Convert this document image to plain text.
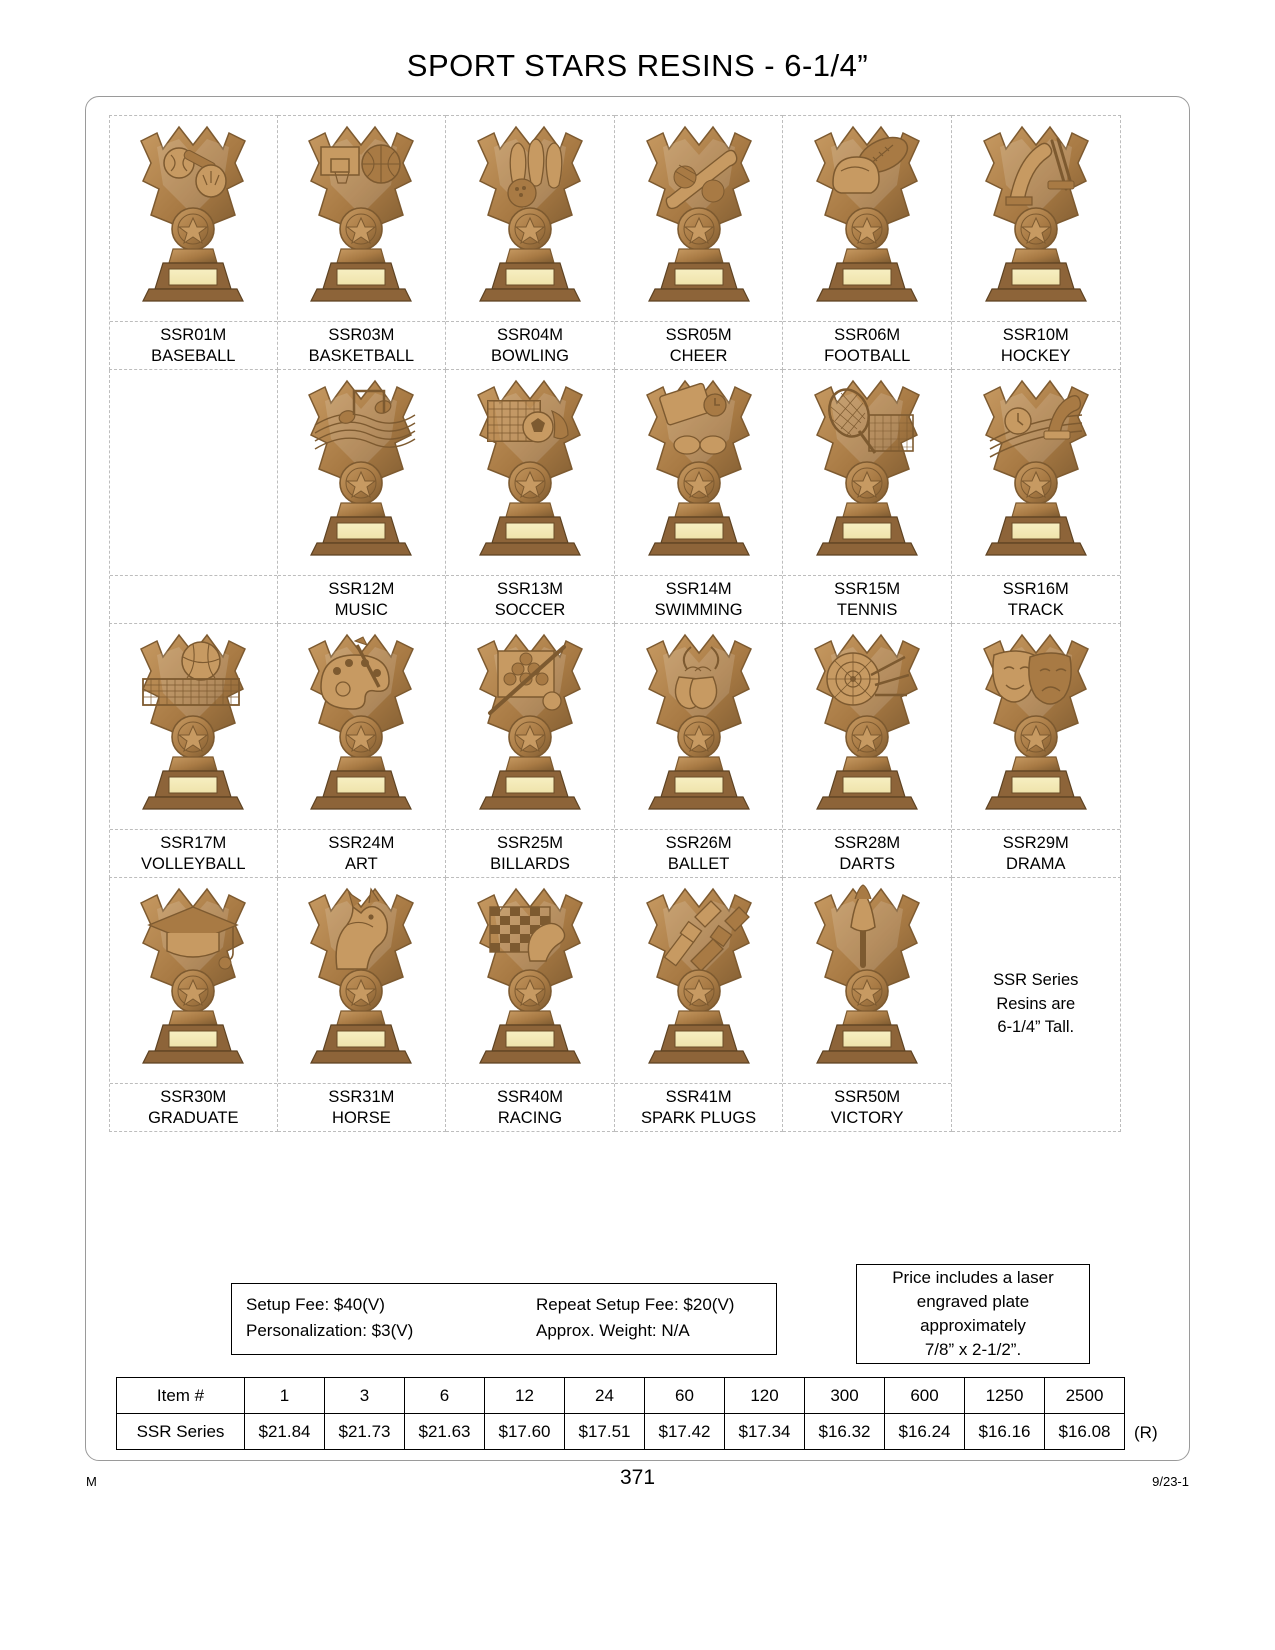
SPORT STARS RESINS - 6-1/4”
SSR01M
BASEBALL
SSR03M
BASKETBALL
SSR04M
BOWLING
SSR05M
CHEER
SSR06M
FOOTBALL
SSR10M
HOCKEY
SSR12M
MUSIC
SSR13M
SOCCER
SSR14M
SWIMMING
SSR15M
TENNIS
SSR16M
TRACK
SSR17M
VOLLEYBALL
SSR24M
ART
SSR25M
BILLARDS
SSR26M
BALLET
SSR28M
DARTS
SSR29M
DRAMA
SSR30M
GRADUATE
SSR31M
HORSE
SSR40M
RACING
SSR41M
SPARK PLUGS
SSR50M
VICTORY
SSR Series
Resins are
6-1/4” Tall.
Setup Fee: $40(V)	Repeat Setup Fee: $20(V)
Personalization: $3(V)	Approx. Weight: N/A
Price includes a laser
engraved plate
approximately
7/8” x 2-1/2”.
Item #	1	3	6	12	24	60	120	300	600	1250	2500
SSR Series	$21.84	$21.73	$21.63	$17.60	$17.51	$17.42	$17.34	$16.32	$16.24	$16.16	$16.08 (R)
M	371	9/23-1
